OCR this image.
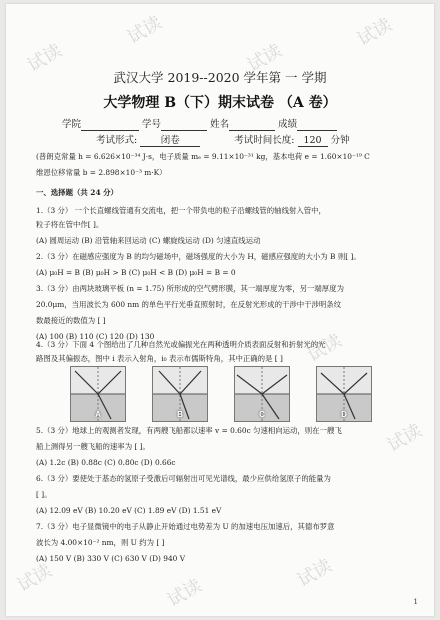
试读
试读
试读
试读
试读
试读
试读	试读
试读
武汉大学 2019--2020 学年第 一 学期
大学物理 B（下）期末试卷 （A 卷）
学院	学号	姓名	成绩
考试形式: 闭卷	考试时间长度: 120 分钟
(普朗克常量 h = 6.626×10⁻³⁴ J·s，电子质量 mₑ = 9.11×10⁻³¹ kg，基本电荷 e = 1.60×10⁻¹⁹ C
维恩位移常量 b = 2.898×10⁻³ m·K）
一、选择题（共 24 分）
1.（3 分） 一个长直螺线管通有交流电，把一个带负电的粒子沿螺线管的轴线射入管中，
粒子将在管中作[ ]。
(A) 圆周运动 (B) 沿管轴来回运动 (C) 螺旋线运动 (D) 匀速直线运动
2.（3 分）在磁感应强度为 B 的均匀磁场中，磁场强度的大小为 H，磁感应强度的大小为 B 则[ ]。
(A) μ₀H = B (B) μ₀H > B (C) μ₀H < B (D) μ₀H = B = 0
3.（3 分）由两块玻璃平板 (n = 1.75) 所形成的空气劈形膜，其一端厚度为零，另一端厚度为
20.0μm，当用波长为 600 nm 的单色平行光垂直照射时，在反射光形成的干涉中干涉明条纹
数最接近的数值为 [ ]
(A) 100 (B) 110 (C) 120 (D) 130
4.（3 分）下面 4 个图给出了几种自然光或偏振光在两种透明介质表面反射和折射光的光
路图及其偏振态，图中 i 表示入射角，i₀ 表示布儒斯特角，其中正确的是 [ ]
A	B	C	D
5.（3 分）地球上的观测者发现，有两艘飞船都以速率 v = 0.60c 匀速相向运动，则在一艘飞
船上测得另一艘飞船的速率为 [ ]。
(A) 1.2c (B) 0.88c (C) 0.80c (D) 0.66c
6.（3 分）要使处于基态的氢原子受激后可辐射出可见光谱线，最少应供给氢原子的能量为
[ ]。
(A) 12.09 eV (B) 10.20 eV (C) 1.89 eV (D) 1.51 eV
7.（3 分）电子显微镜中的电子从静止开始通过电势差为 U 的加速电压加速后，其德布罗意
波长为 4.00×10⁻² nm，则 U 约为 [ ]
(A) 150 V (B) 330 V (C) 630 V (D) 940 V
1
